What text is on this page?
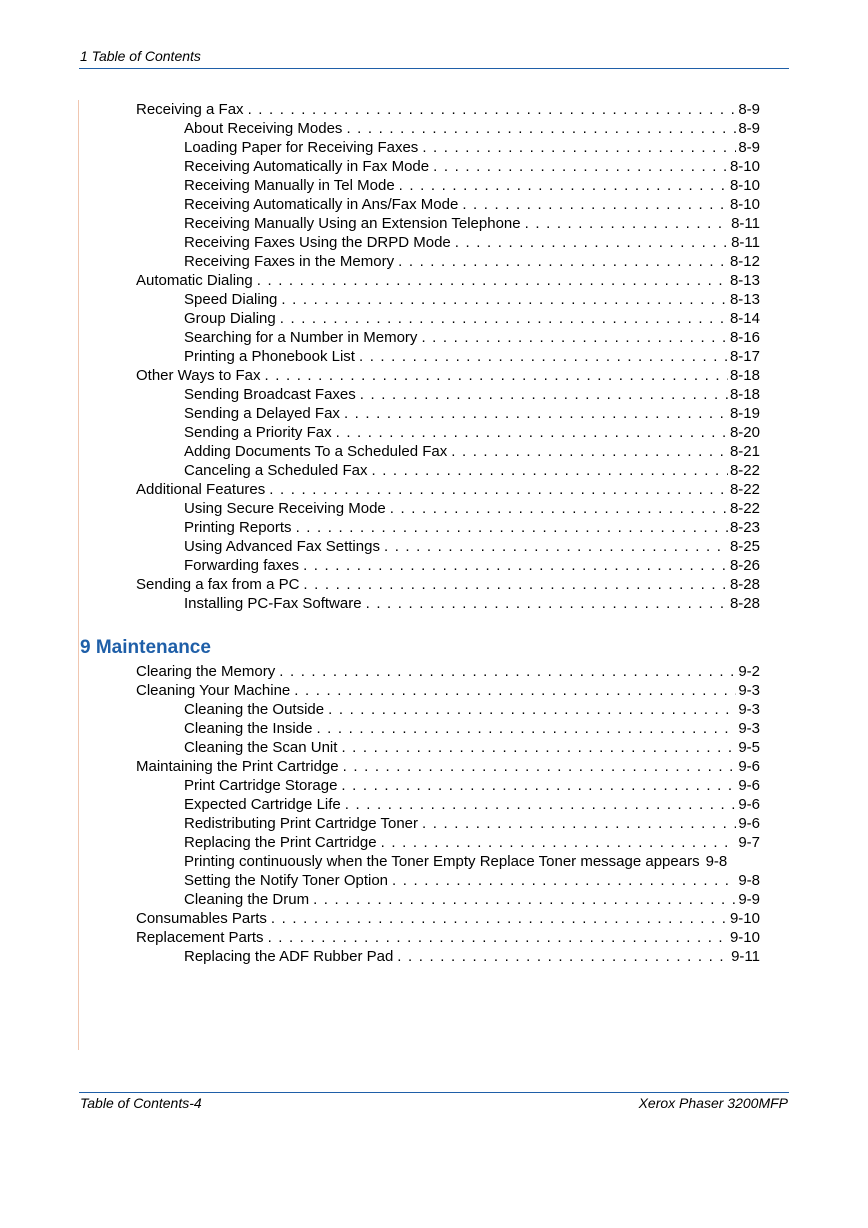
1 Table of Contents
Receiving a Fax . . .	8-9
About Receiving Modes . . .	8-9
Loading Paper for Receiving Faxes . . .	8-9
Receiving Automatically in Fax Mode . . .	8-10
Receiving Manually in Tel Mode . . .	8-10
Receiving Automatically in Ans/Fax Mode . . .	8-10
Receiving Manually Using an Extension Telephone . . .	8-11
Receiving Faxes Using the DRPD Mode . . .	8-11
Receiving Faxes in the Memory . . .	8-12
Automatic Dialing . . .	8-13
Speed Dialing . . .	8-13
Group Dialing . . .	8-14
Searching for a Number in Memory . . .	8-16
Printing a Phonebook List . . .	8-17
Other Ways to Fax . . .	8-18
Sending Broadcast Faxes . . .	8-18
Sending a Delayed Fax . . .	8-19
Sending a Priority Fax . . .	8-20
Adding Documents To a Scheduled Fax . . .	8-21
Canceling a Scheduled Fax . . .	8-22
Additional Features . . .	8-22
Using Secure Receiving Mode . . .	8-22
Printing Reports . . .	8-23
Using Advanced Fax Settings . . .	8-25
Forwarding faxes . . .	8-26
Sending a fax from a PC . . .	8-28
Installing PC-Fax Software . . .	8-28
9 Maintenance
Clearing the Memory . . .	9-2
Cleaning Your Machine . . .	9-3
Cleaning the Outside . . .	9-3
Cleaning the Inside . . .	9-3
Cleaning the Scan Unit . . .	9-5
Maintaining the Print Cartridge . . .	9-6
Print Cartridge Storage . . .	9-6
Expected Cartridge Life . . .	9-6
Redistributing Print Cartridge Toner . . .	9-6
Replacing the Print Cartridge . . .	9-7
Printing continuously when the Toner Empty Replace Toner message appears 9-8
Setting the Notify Toner Option . . .	9-8
Cleaning the Drum . . .	9-9
Consumables Parts . . .	9-10
Replacement Parts . . .	9-10
Replacing the ADF Rubber Pad . . .	9-11
Table of Contents-4	Xerox Phaser 3200MFP
